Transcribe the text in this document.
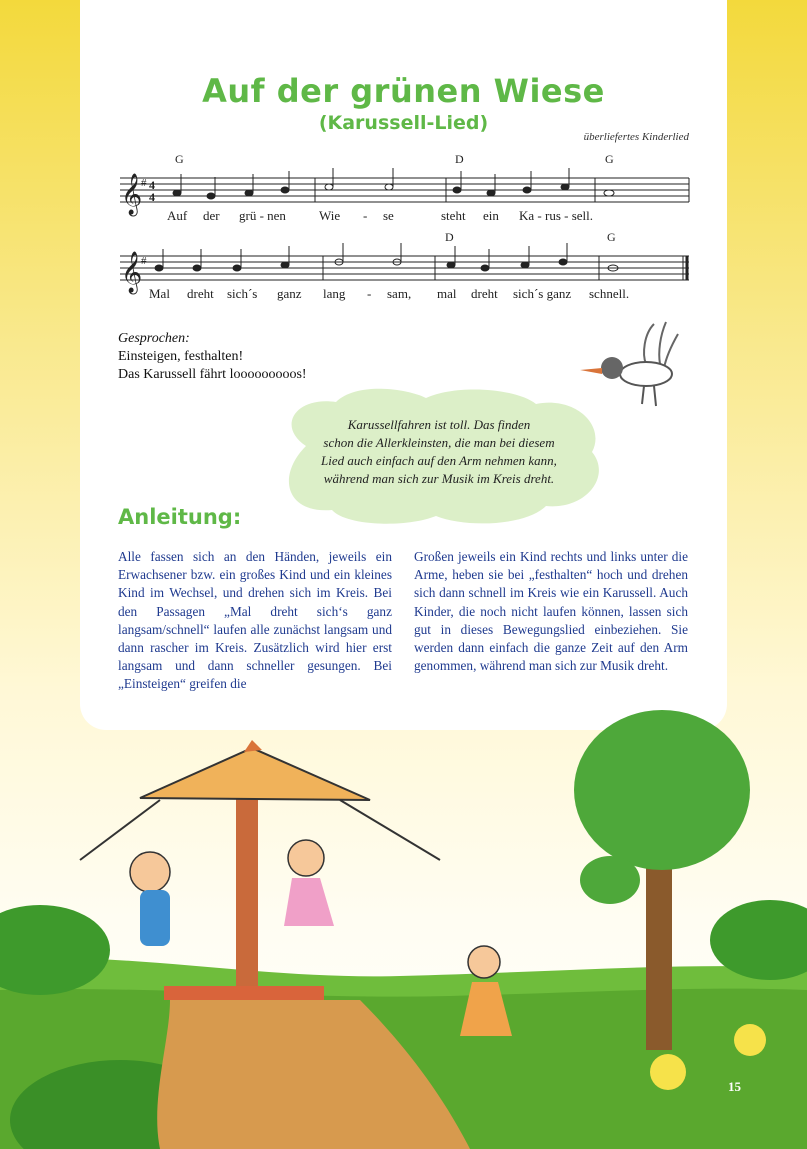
Auf der grünen Wiese
(Karussell-Lied)
überliefertes Kinderlied
𝄞
# 4
4
G	D	G
Auf der grü - nen	Wie - se	steht ein Ka - rus - sell.
𝄞
#
D	G
Mal dreht sich´s ganz lang - sam, mal dreht sich´s ganz schnell.
Gesprochen:
Einsteigen, festhalten!
Das Karussell fährt looooooooos!
Karussellfahren ist toll. Das finden
schon die Allerkleinsten, die man bei diesem
Lied auch einfach auf den Arm nehmen kann,
während man sich zur Musik im Kreis dreht.
Anleitung:
Alle fassen sich an den Händen, jeweils ein Erwachsener bzw. ein großes Kind und ein kleines Kind im Wechsel, und drehen sich im Kreis. Bei den Passagen „Mal dreht sich‘s ganz langsam/schnell“ laufen alle zunächst langsam und dann rascher im Kreis. Zusätzlich wird hier erst langsam und dann schneller gesungen. Bei „Einsteigen“ greifen die
Großen jeweils ein Kind rechts und links unter die Arme, heben sie bei „festhalten“ hoch und drehen sich dann schnell im Kreis wie ein Karussell. Auch Kinder, die noch nicht laufen können, lassen sich gut in dieses Bewegungslied einbeziehen. Sie werden dann einfach die ganze Zeit auf den Arm genommen, während man sich zur Musik dreht.
15
